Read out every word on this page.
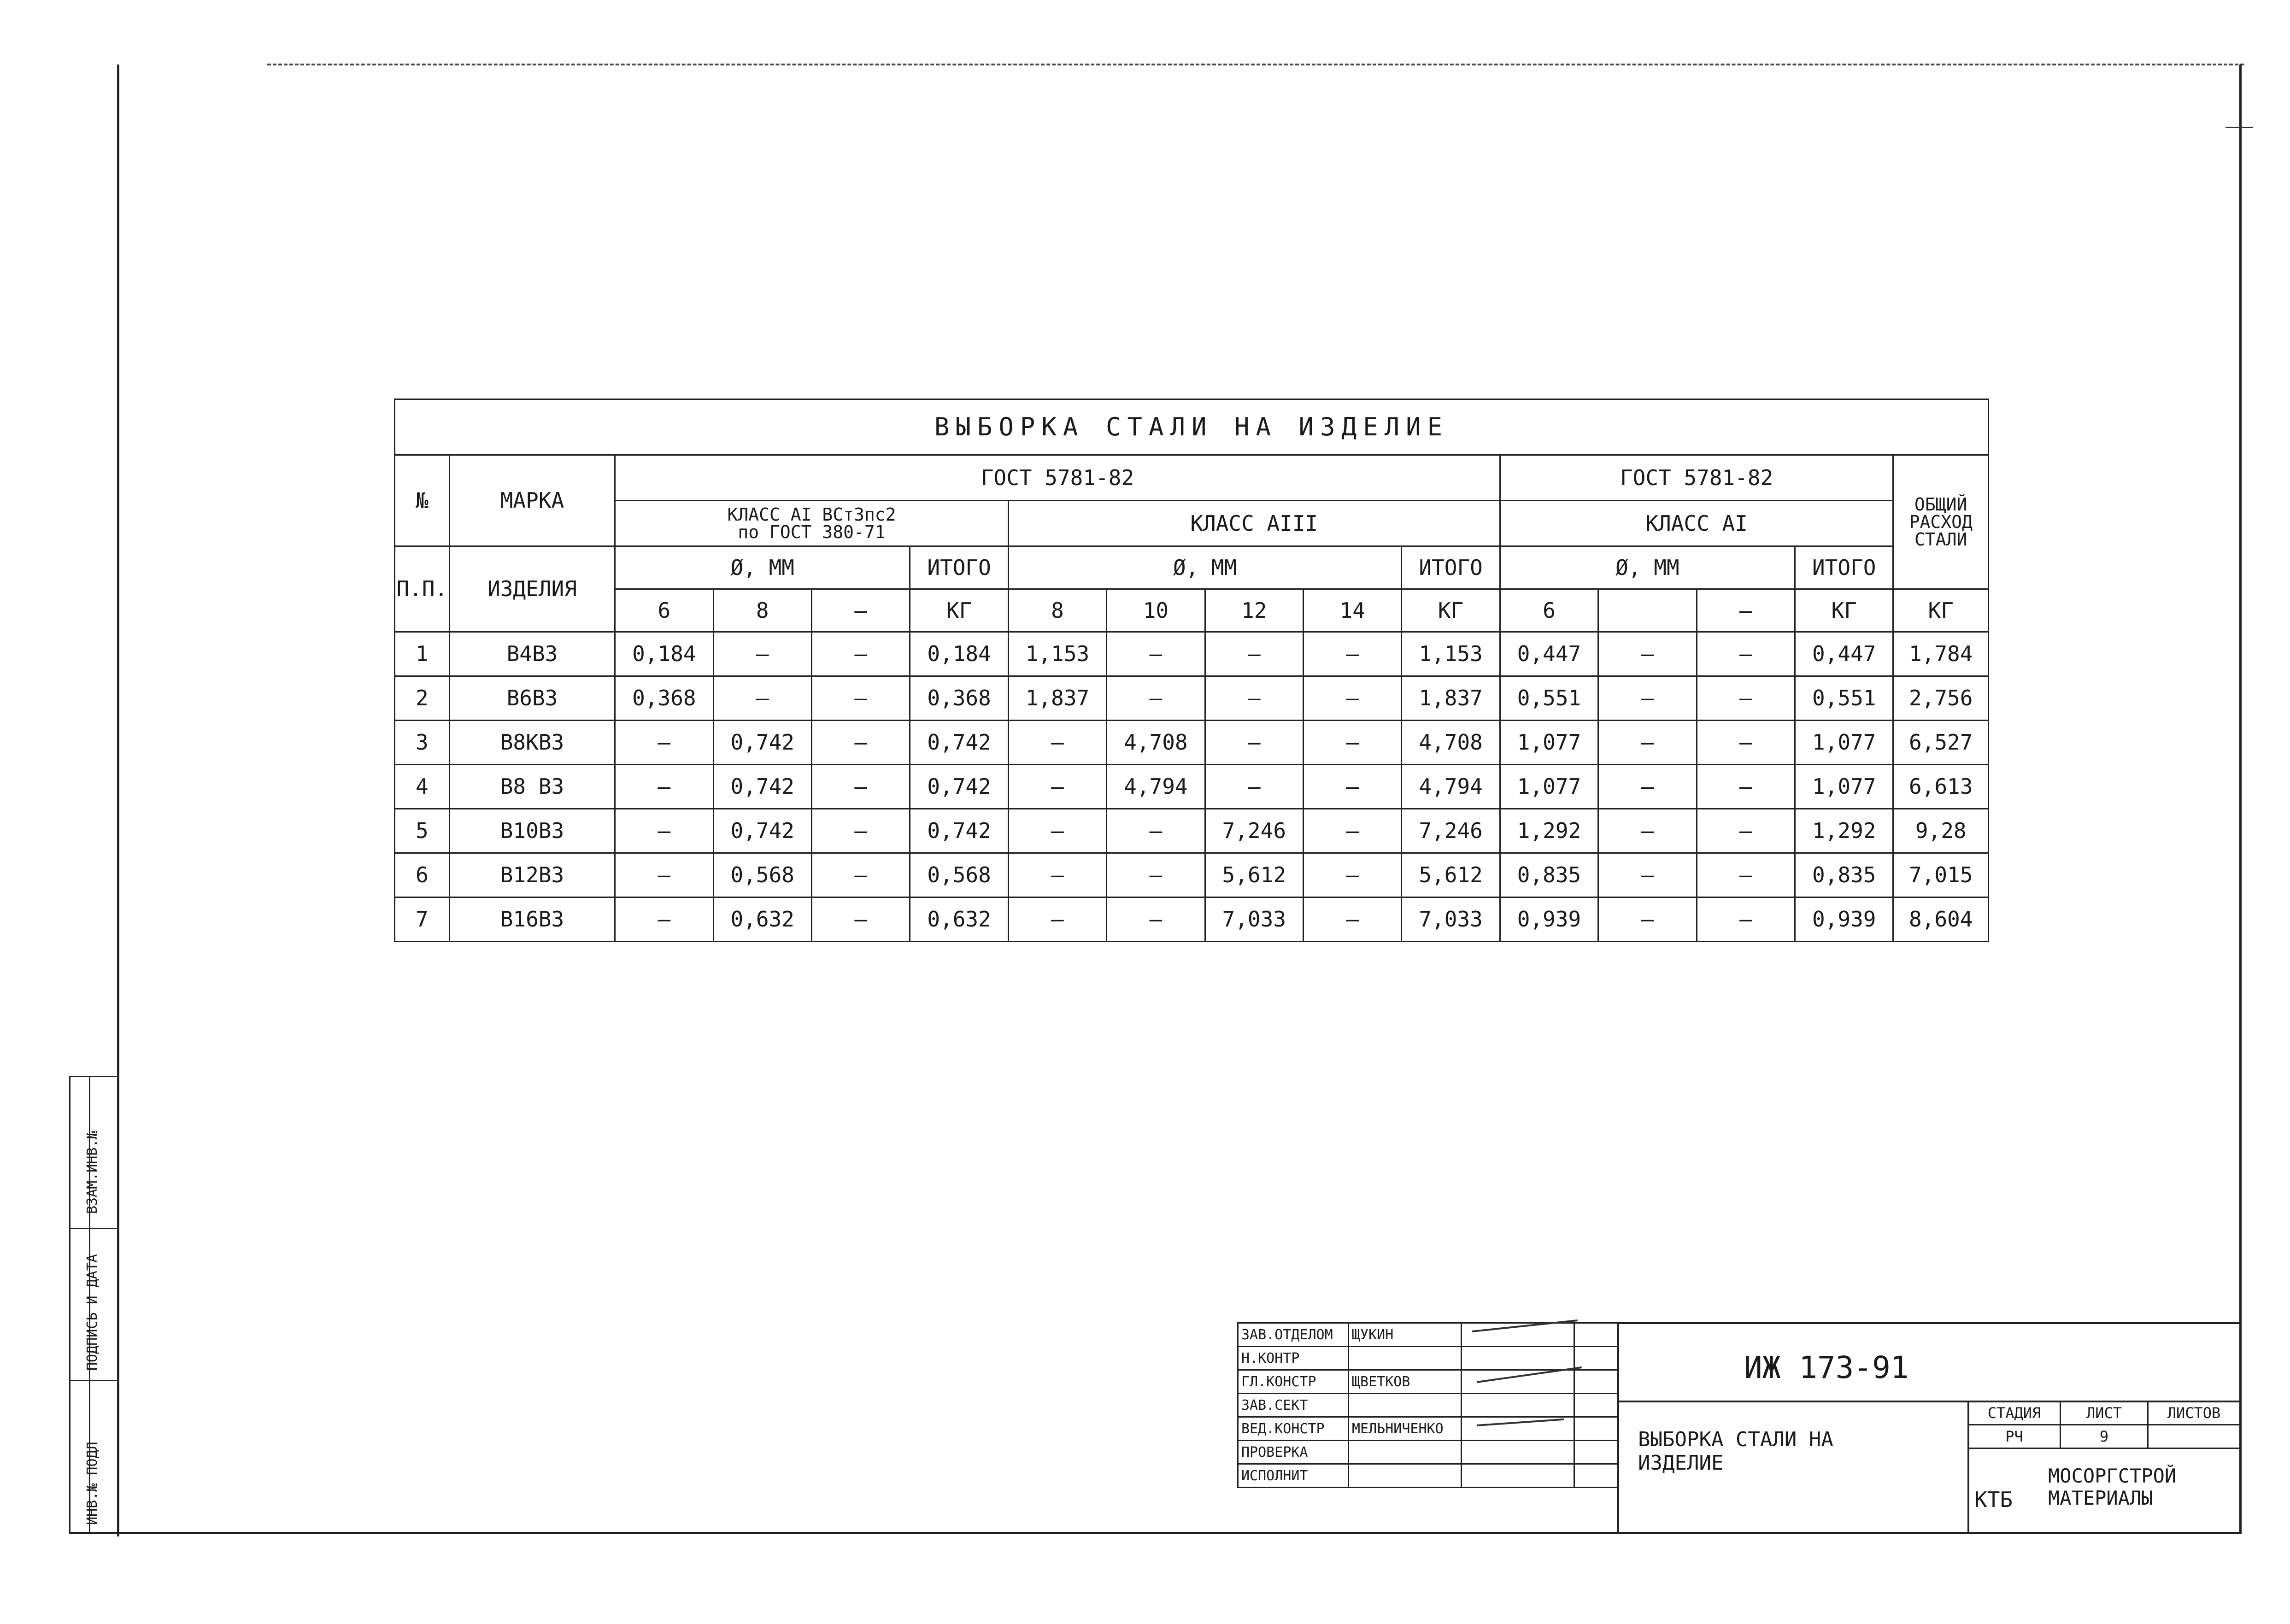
ВЫБОРКА СТАЛИ НА ИЗДЕЛИЕ															
№	МАРКА	ГОСТ 5781-82									ГОСТ 5781-82				ОБЩИЙ РАСХОД СТАЛИ
		КЛАСС AI ВСт3пс2
по ГОСТ 380-71				КЛАСС AIII					КЛАСС AI				
П.П.	ИЗДЕЛИЯ	Ø, ММ			ИТОГО	Ø, ММ				ИТОГО	Ø, ММ			ИТОГО	
		6	8	—	КГ	8	10	12	14	КГ	6		—	КГ	КГ
1	В4В3	0,184	—	—	0,184	1,153	—	—	—	1,153	0,447	—	—	0,447	1,784
2	В6В3	0,368	—	—	0,368	1,837	—	—	—	1,837	0,551	—	—	0,551	2,756
3	В8КВ3	—	0,742	—	0,742	—	4,708	—	—	4,708	1,077	—	—	1,077	6,527
4	В8 В3	—	0,742	—	0,742	—	4,794	—	—	4,794	1,077	—	—	1,077	6,613
5	В10В3	—	0,742	—	0,742	—	—	7,246	—	7,246	1,292	—	—	1,292	9,28
6	В12В3	—	0,568	—	0,568	—	—	5,612	—	5,612	0,835	—	—	0,835	7,015
7	В16В3	—	0,632	—	0,632	—	—	7,033	—	7,033	0,939	—	—	0,939	8,604
ЗАВ.ОТДЕЛОМ	ЩУКИН		
Н.КОНТР			
ГЛ.КОНСТР	ЩВЕТКОВ		
ЗАВ.СЕКТ			
ВЕД.КОНСТР	МЕЛЬНИЧЕНКО		
ПРОВЕРКА			
ИСПОЛНИТ			
ИЖ 173-91
ВЫБОРКА СТАЛИ НА ИЗДЕЛИЕ
СТАДИЯ	ЛИСТ	ЛИСТОВ
РЧ	9	
КТБ
МОСОРГСТРОЙ МАТЕРИАЛЫ
ВЗАМ.ИНВ.№
ПОДПИСЬ И ДАТА
ИНВ.№ ПОДЛ
